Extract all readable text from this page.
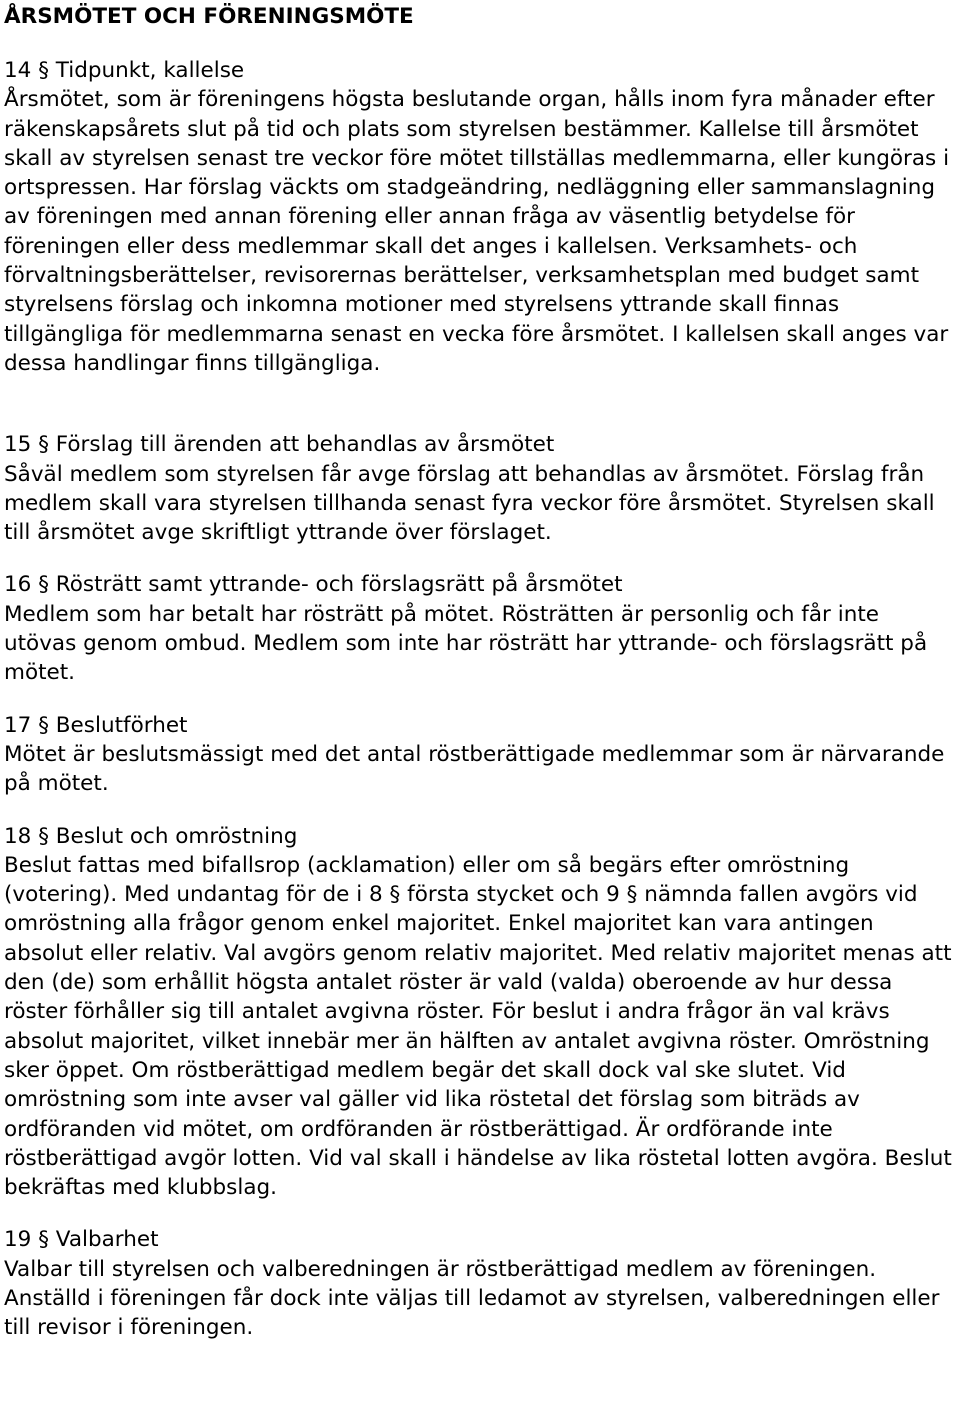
ÅRSMÖTET OCH FÖRENINGSMÖTE
14 § Tidpunkt, kallelse

Årsmötet, som är föreningens högsta beslutande organ, hålls inom fyra månader efter räkenskapsårets slut på tid och plats som styrelsen bestämmer. Kallelse till årsmötet skall av styrelsen senast tre veckor före mötet tillställas medlemmarna, eller kungöras i ortspressen. Har förslag väckts om stadgeändring, nedläggning eller sammanslagning av föreningen med annan förening eller annan fråga av väsentlig betydelse för föreningen eller dess medlemmar skall det anges i kallelsen. Verksamhets- och förvaltningsberättelser, revisorernas berättelser, verksamhetsplan med budget samt styrelsens förslag och inkomna motioner med styrelsens yttrande skall finnas tillgängliga för medlemmarna senast en vecka före årsmötet. I kallelsen skall anges var dessa handlingar finns tillgängliga.

15 § Förslag till ärenden att behandlas av årsmötet

Såväl medlem som styrelsen får avge förslag att behandlas av årsmötet. Förslag från medlem skall vara styrelsen tillhanda senast fyra veckor före årsmötet. Styrelsen skall till årsmötet avge skriftligt yttrande över förslaget.

16 § Rösträtt samt yttrande- och förslagsrätt på årsmötet

Medlem som har betalt har rösträtt på mötet. Rösträtten är personlig och får inte utövas genom ombud. Medlem som inte har rösträtt har yttrande- och förslagsrätt på mötet.

17 § Beslutförhet

Mötet är beslutsmässigt med det antal röstberättigade medlemmar som är närvarande på mötet.

18 § Beslut och omröstning

Beslut fattas med bifallsrop (acklamation) eller om så begärs efter omröstning (votering). Med undantag för de i 8 § första stycket och 9 § nämnda fallen avgörs vid omröstning alla frågor genom enkel majoritet. Enkel majoritet kan vara antingen absolut eller relativ. Val avgörs genom relativ majoritet. Med relativ majoritet menas att den (de) som erhållit högsta antalet röster är vald (valda) oberoende av hur dessa röster förhåller sig till antalet avgivna röster. För beslut i andra frågor än val krävs absolut majoritet, vilket innebär mer än hälften av antalet avgivna röster. Omröstning sker öppet. Om röstberättigad medlem begär det skall dock val ske slutet. Vid omröstning som inte avser val gäller vid lika röstetal det förslag som biträds av ordföranden vid mötet, om ordföranden är röstberättigad. Är ordförande inte röstberättigad avgör lotten. Vid val skall i händelse av lika röstetal lotten avgöra. Beslut bekräftas med klubbslag.

19 § Valbarhet

Valbar till styrelsen och valberedningen är röstberättigad medlem av föreningen. Anställd i föreningen får dock inte väljas till ledamot av styrelsen, valberedningen eller till revisor i föreningen.
